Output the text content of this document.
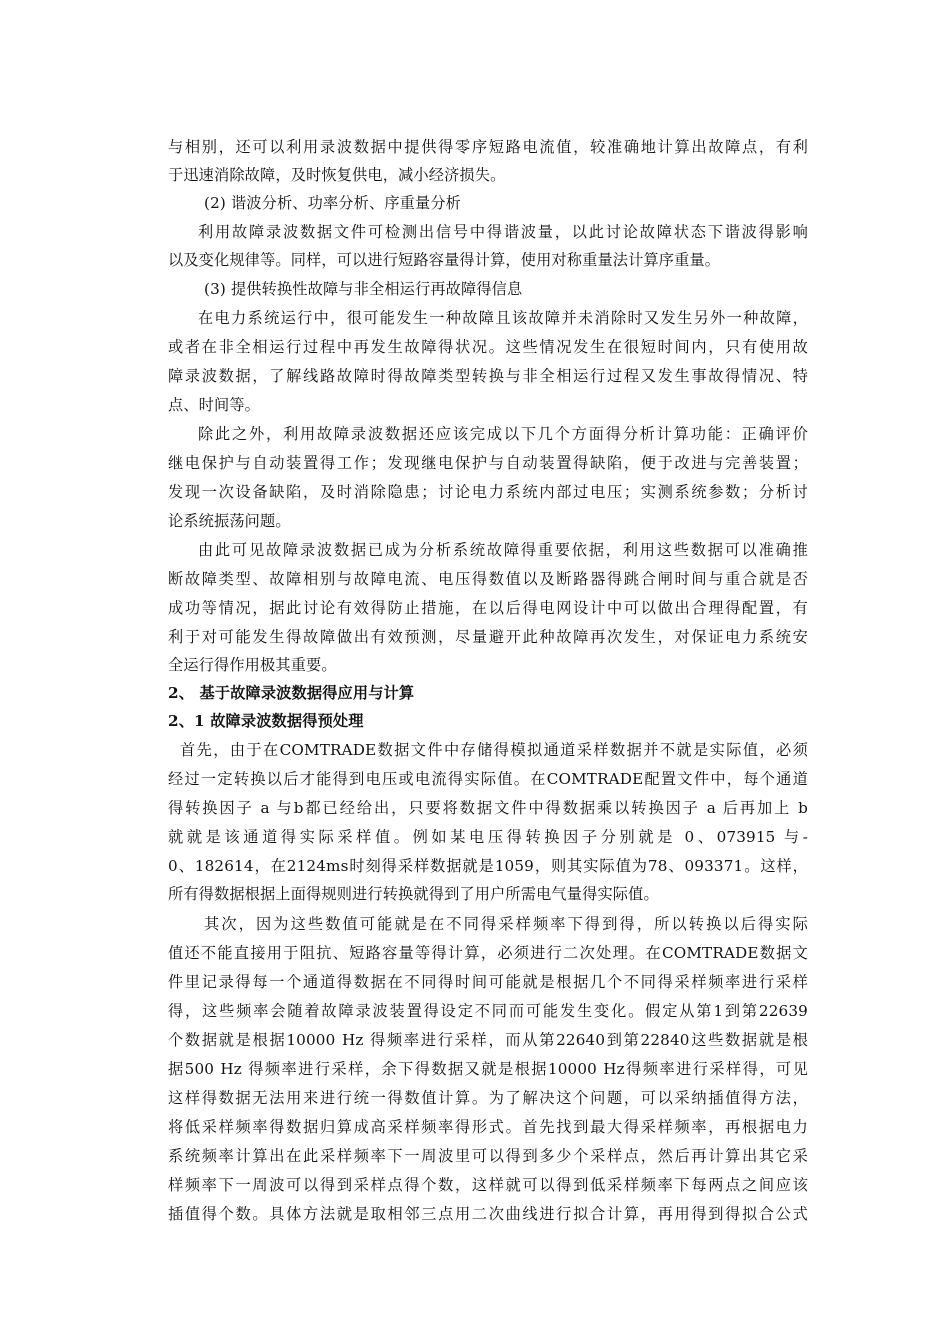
与相别，还可以利用录波数据中提供得零序短路电流值，较准确地计算出故障点，有利
于迅速消除故障，及时恢复供电，减小经济损失。
(2) 谐波分析、功率分析、序重量分析
利用故障录波数据文件可检测出信号中得谐波量，以此讨论故障状态下谐波得影响
以及变化规律等。同样，可以进行短路容量得计算，使用对称重量法计算序重量。
(3) 提供转换性故障与非全相运行再故障得信息
在电力系统运行中，很可能发生一种故障且该故障并未消除时又发生另外一种故障，
或者在非全相运行过程中再发生故障得状况。这些情况发生在很短时间内，只有使用故
障录波数据，了解线路故障时得故障类型转换与非全相运行过程又发生事故得情况、特
点、时间等。
除此之外，利用故障录波数据还应该完成以下几个方面得分析计算功能：正确评价
继电保护与自动装置得工作；发现继电保护与自动装置得缺陷，便于改进与完善装置；
发现一次设备缺陷，及时消除隐患；讨论电力系统内部过电压；实测系统参数；分析讨
论系统振荡问题。
由此可见故障录波数据已成为分析系统故障得重要依据，利用这些数据可以准确推
断故障类型、故障相别与故障电流、电压得数值以及断路器得跳合闸时间与重合就是否
成功等情况，据此讨论有效得防止措施，在以后得电网设计中可以做出合理得配置，有
利于对可能发生得故障做出有效预测，尽量避开此种故障再次发生，对保证电力系统安
全运行得作用极其重要。
2、 基于故障录波数据得应用与计算
2、1 故障录波数据得预处理
首先，由于在COMTRADE数据文件中存储得模拟通道采样数据并不就是实际值，必须
经过一定转换以后才能得到电压或电流得实际值。在COMTRADE配置文件中，每个通道
得转换因子 a 与b都已经给出，只要将数据文件中得数据乘以转换因子 a 后再加上 b
就就是该通道得实际采样值。例如某电压得转换因子分别就是 0、073915 与-
0、182614，在2124ms时刻得采样数据就是1059，则其实际值为78、093371。这样，
所有得数据根据上面得规则进行转换就得到了用户所需电气量得实际值。
其次，因为这些数值可能就是在不同得采样频率下得到得，所以转换以后得实际
值还不能直接用于阻抗、短路容量等得计算，必须进行二次处理。在COMTRADE数据文
件里记录得每一个通道得数据在不同得时间可能就是根据几个不同得采样频率进行采样
得，这些频率会随着故障录波装置得设定不同而可能发生变化。假定从第1到第22639
个数据就是根据10000 Hz 得频率进行采样，而从第22640到第22840这些数据就是根
据500 Hz 得频率进行采样，余下得数据又就是根据10000 Hz得频率进行采样得，可见
这样得数据无法用来进行统一得数值计算。为了解决这个问题，可以采纳插值得方法，
将低采样频率得数据归算成高采样频率得形式。首先找到最大得采样频率，再根据电力
系统频率计算出在此采样频率下一周波里可以得到多少个采样点，然后再计算出其它采
样频率下一周波可以得到采样点得个数，这样就可以得到低采样频率下每两点之间应该
插值得个数。具体方法就是取相邻三点用二次曲线进行拟合计算，再用得到得拟合公式
